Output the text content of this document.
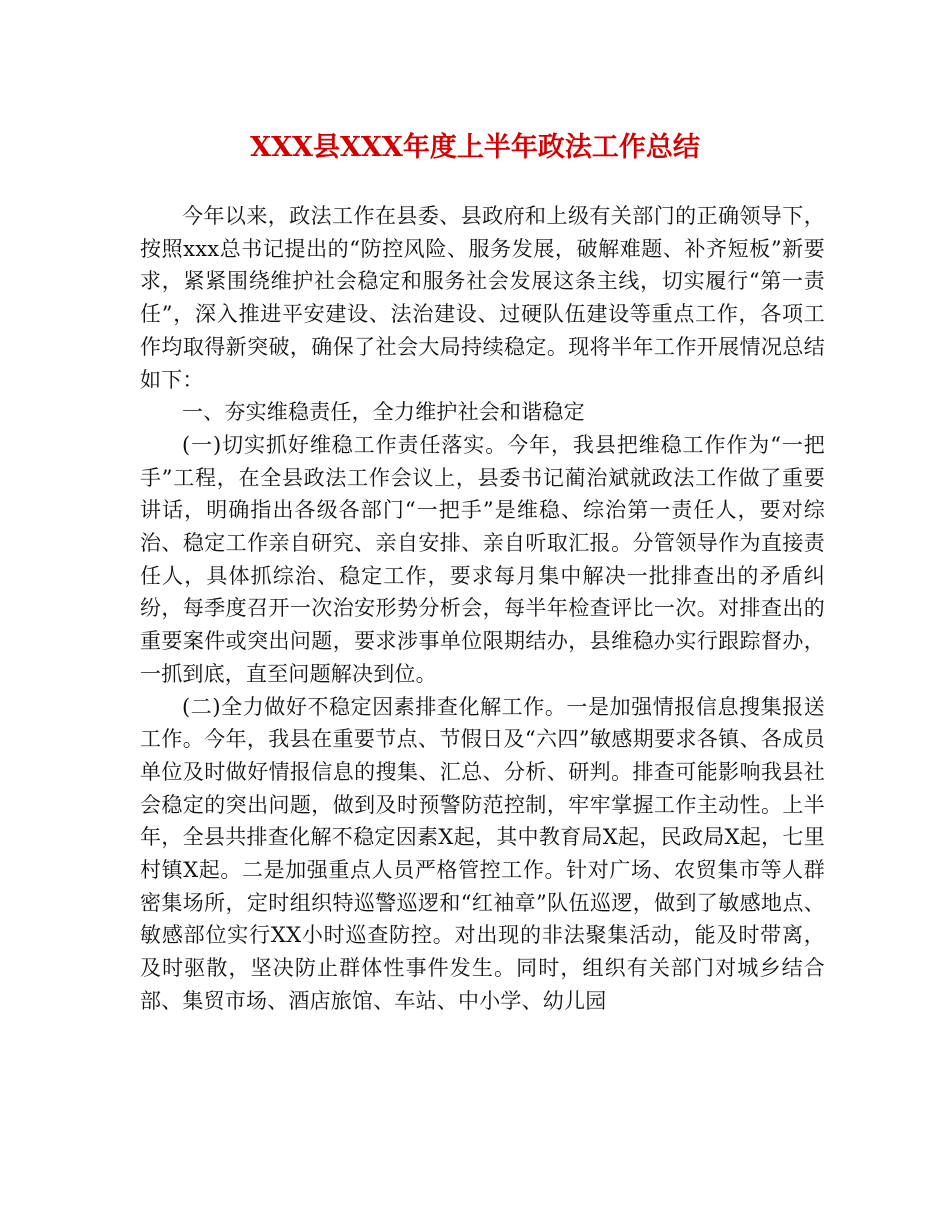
XXX县XXX年度上半年政法工作总结

今年以来，政法工作在县委、县政府和上级有关部门的正确领导下，按照xxx总书记提出的“防控风险、服务发展，破解难题、补齐短板”新要求，紧紧围绕维护社会稳定和服务社会发展这条主线，切实履行“第一责任”，深入推进平安建设、法治建设、过硬队伍建设等重点工作，各项工作均取得新突破，确保了社会大局持续稳定。现将半年工作开展情况总结如下：

一、夯实维稳责任，全力维护社会和谐稳定

(一)切实抓好维稳工作责任落实。今年，我县把维稳工作作为“一把手”工程，在全县政法工作会议上，县委书记蔺治斌就政法工作做了重要讲话，明确指出各级各部门“一把手”是维稳、综治第一责任人，要对综治、稳定工作亲自研究、亲自安排、亲自听取汇报。分管领导作为直接责任人，具体抓综治、稳定工作，要求每月集中解决一批排查出的矛盾纠纷，每季度召开一次治安形势分析会，每半年检查评比一次。对排查出的重要案件或突出问题，要求涉事单位限期结办，县维稳办实行跟踪督办，一抓到底，直至问题解决到位。

(二)全力做好不稳定因素排查化解工作。一是加强情报信息搜集报送工作。今年，我县在重要节点、节假日及“六四”敏感期要求各镇、各成员单位及时做好情报信息的搜集、汇总、分析、研判。排查可能影响我县社会稳定的突出问题，做到及时预警防范控制，牢牢掌握工作主动性。上半年，全县共排查化解不稳定因素X起，其中教育局X起，民政局X起，七里村镇X起。二是加强重点人员严格管控工作。针对广场、农贸集市等人群密集场所，定时组织特巡警巡逻和“红袖章”队伍巡逻，做到了敏感地点、敏感部位实行XX小时巡查防控。对出现的非法聚集活动，能及时带离，及时驱散，坚决防止群体性事件发生。同时，组织有关部门对城乡结合部、集贸市场、酒店旅馆、车站、中小学、幼儿园
